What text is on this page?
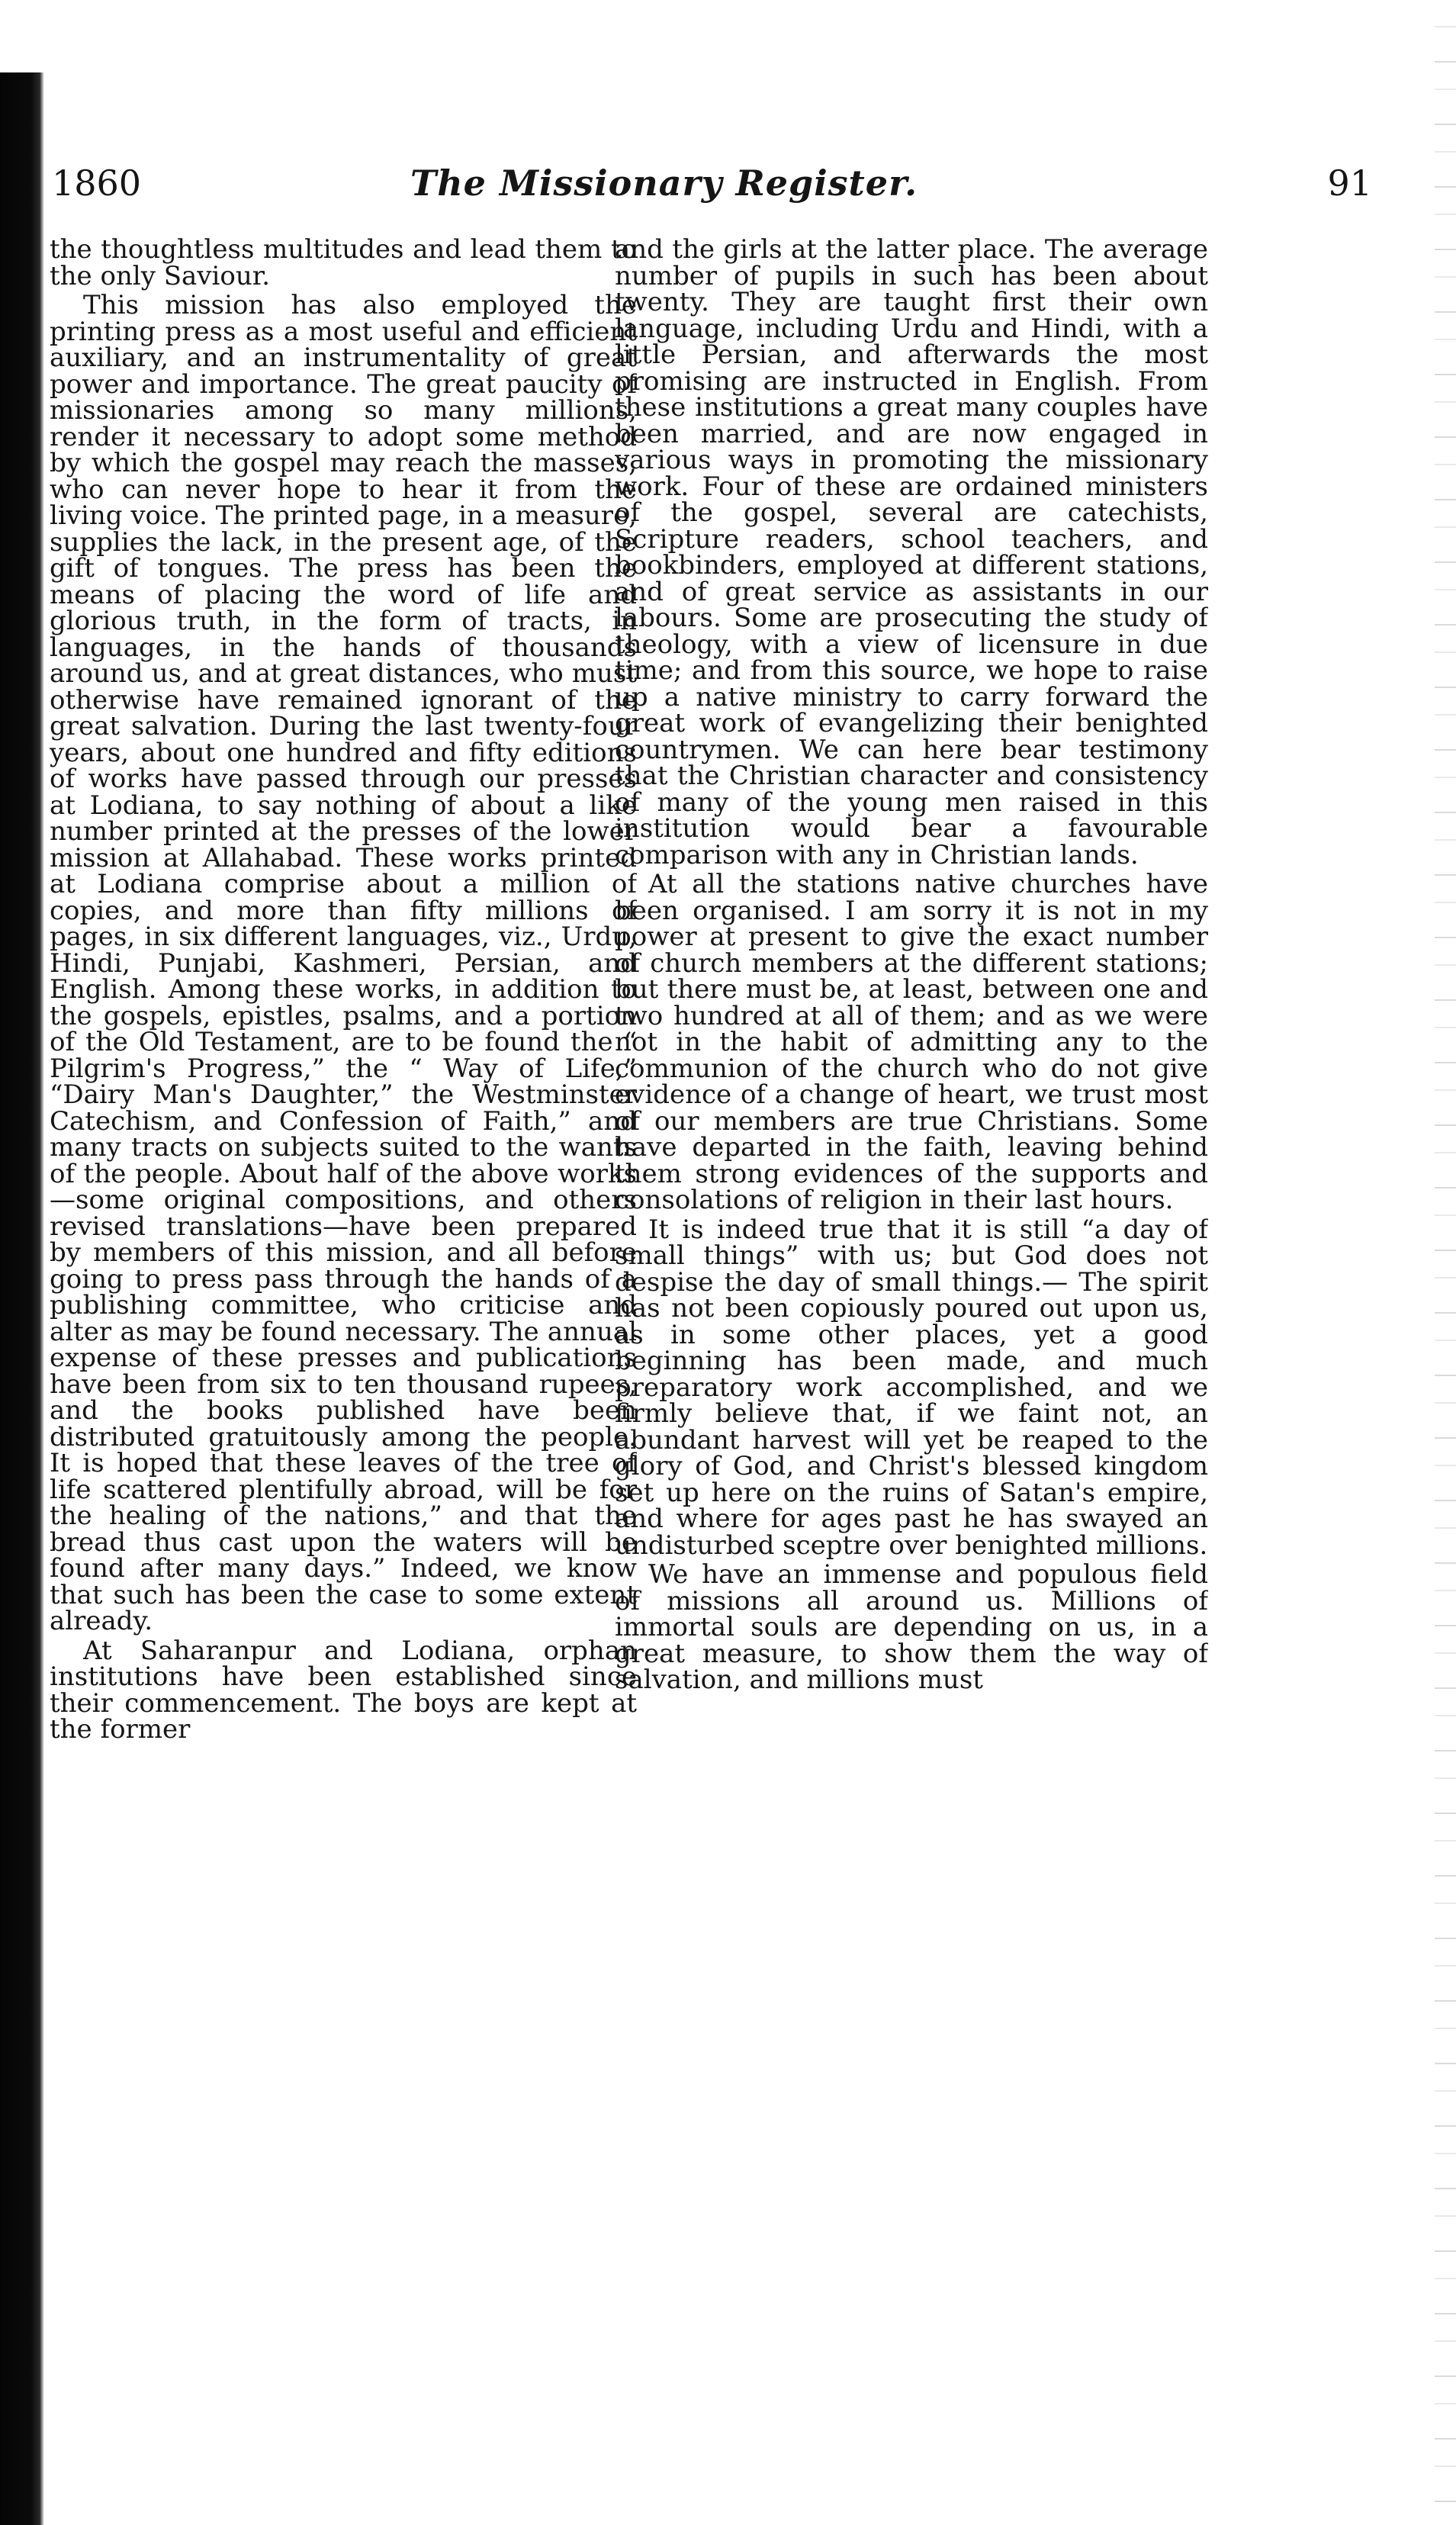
1860	The Missionary Register.	91

the thoughtless multitudes and lead them to the only Saviour.

This mission has also employed the printing press as a most useful and efficient auxiliary, and an instrumentality of great power and importance. The great paucity of missionaries among so many millions, render it necessary to adopt some method by which the gospel may reach the masses, who can never hope to hear it from the living voice. The printed page, in a measure, supplies the lack, in the present age, of the gift of tongues. The press has been the means of placing the word of life and glorious truth, in the form of tracts, in languages, in the hands of thousands around us, and at great distances, who must otherwise have remained ignorant of the great salvation. During the last twenty-four years, about one hundred and fifty editions of works have passed through our presses at Lodiana, to say nothing of about a like number printed at the presses of the lower mission at Allahabad. These works printed at Lodiana comprise about a million of copies, and more than fifty millions of pages, in six different languages, viz., Urdu, Hindi, Punjabi, Kashmeri, Persian, and English. Among these works, in addition to the gospels, epistles, psalms, and a portion of the Old Testament, are to be found the “ Pilgrim's Progress,” the “ Way of Life,” “Dairy Man's Daughter,” the Westminster Catechism, and Confession of Faith,” and many tracts on subjects suited to the wants of the people. About half of the above works—some original compositions, and others revised translations—have been prepared by members of this mission, and all before going to press pass through the hands of a publishing committee, who criticise and alter as may be found necessary. The annual expense of these presses and publications have been from six to ten thousand rupees, and the books published have been distributed gratuitously among the people. It is hoped that these leaves of the tree of life scattered plentifully abroad, will be for the healing of the nations,” and that the bread thus cast upon the waters will be found after many days.” Indeed, we know that such has been the case to some extent already.

At Saharanpur and Lodiana, orphan institutions have been established since their commencement. The boys are kept at the former

and the girls at the latter place. The average number of pupils in such has been about twenty. They are taught first their own language, including Urdu and Hindi, with a little Persian, and afterwards the most promising are instructed in English. From these institutions a great many couples have been married, and are now engaged in various ways in promoting the missionary work. Four of these are ordained ministers of the gospel, several are catechists, Scripture readers, school teachers, and bookbinders, employed at different stations, and of great service as assistants in our labours. Some are prosecuting the study of theology, with a view of licensure in due time; and from this source, we hope to raise up a native ministry to carry forward the great work of evangelizing their benighted countrymen. We can here bear testimony that the Christian character and consistency of many of the young men raised in this institution would bear a favourable comparison with any in Christian lands.

At all the stations native churches have been organised. I am sorry it is not in my power at present to give the exact number of church members at the different stations; but there must be, at least, between one and two hundred at all of them; and as we were not in the habit of admitting any to the communion of the church who do not give evidence of a change of heart, we trust most of our members are true Christians. Some have departed in the faith, leaving behind them strong evidences of the supports and consolations of religion in their last hours.

It is indeed true that it is still “a day of small things” with us; but God does not despise the day of small things.— The spirit has not been copiously poured out upon us, as in some other places, yet a good beginning has been made, and much preparatory work accomplished, and we firmly believe that, if we faint not, an abundant harvest will yet be reaped to the glory of God, and Christ's blessed kingdom set up here on the ruins of Satan's empire, and where for ages past he has swayed an undisturbed sceptre over benighted millions.

We have an immense and populous field of missions all around us. Millions of immortal souls are depending on us, in a great measure, to show them the way of salvation, and millions must
